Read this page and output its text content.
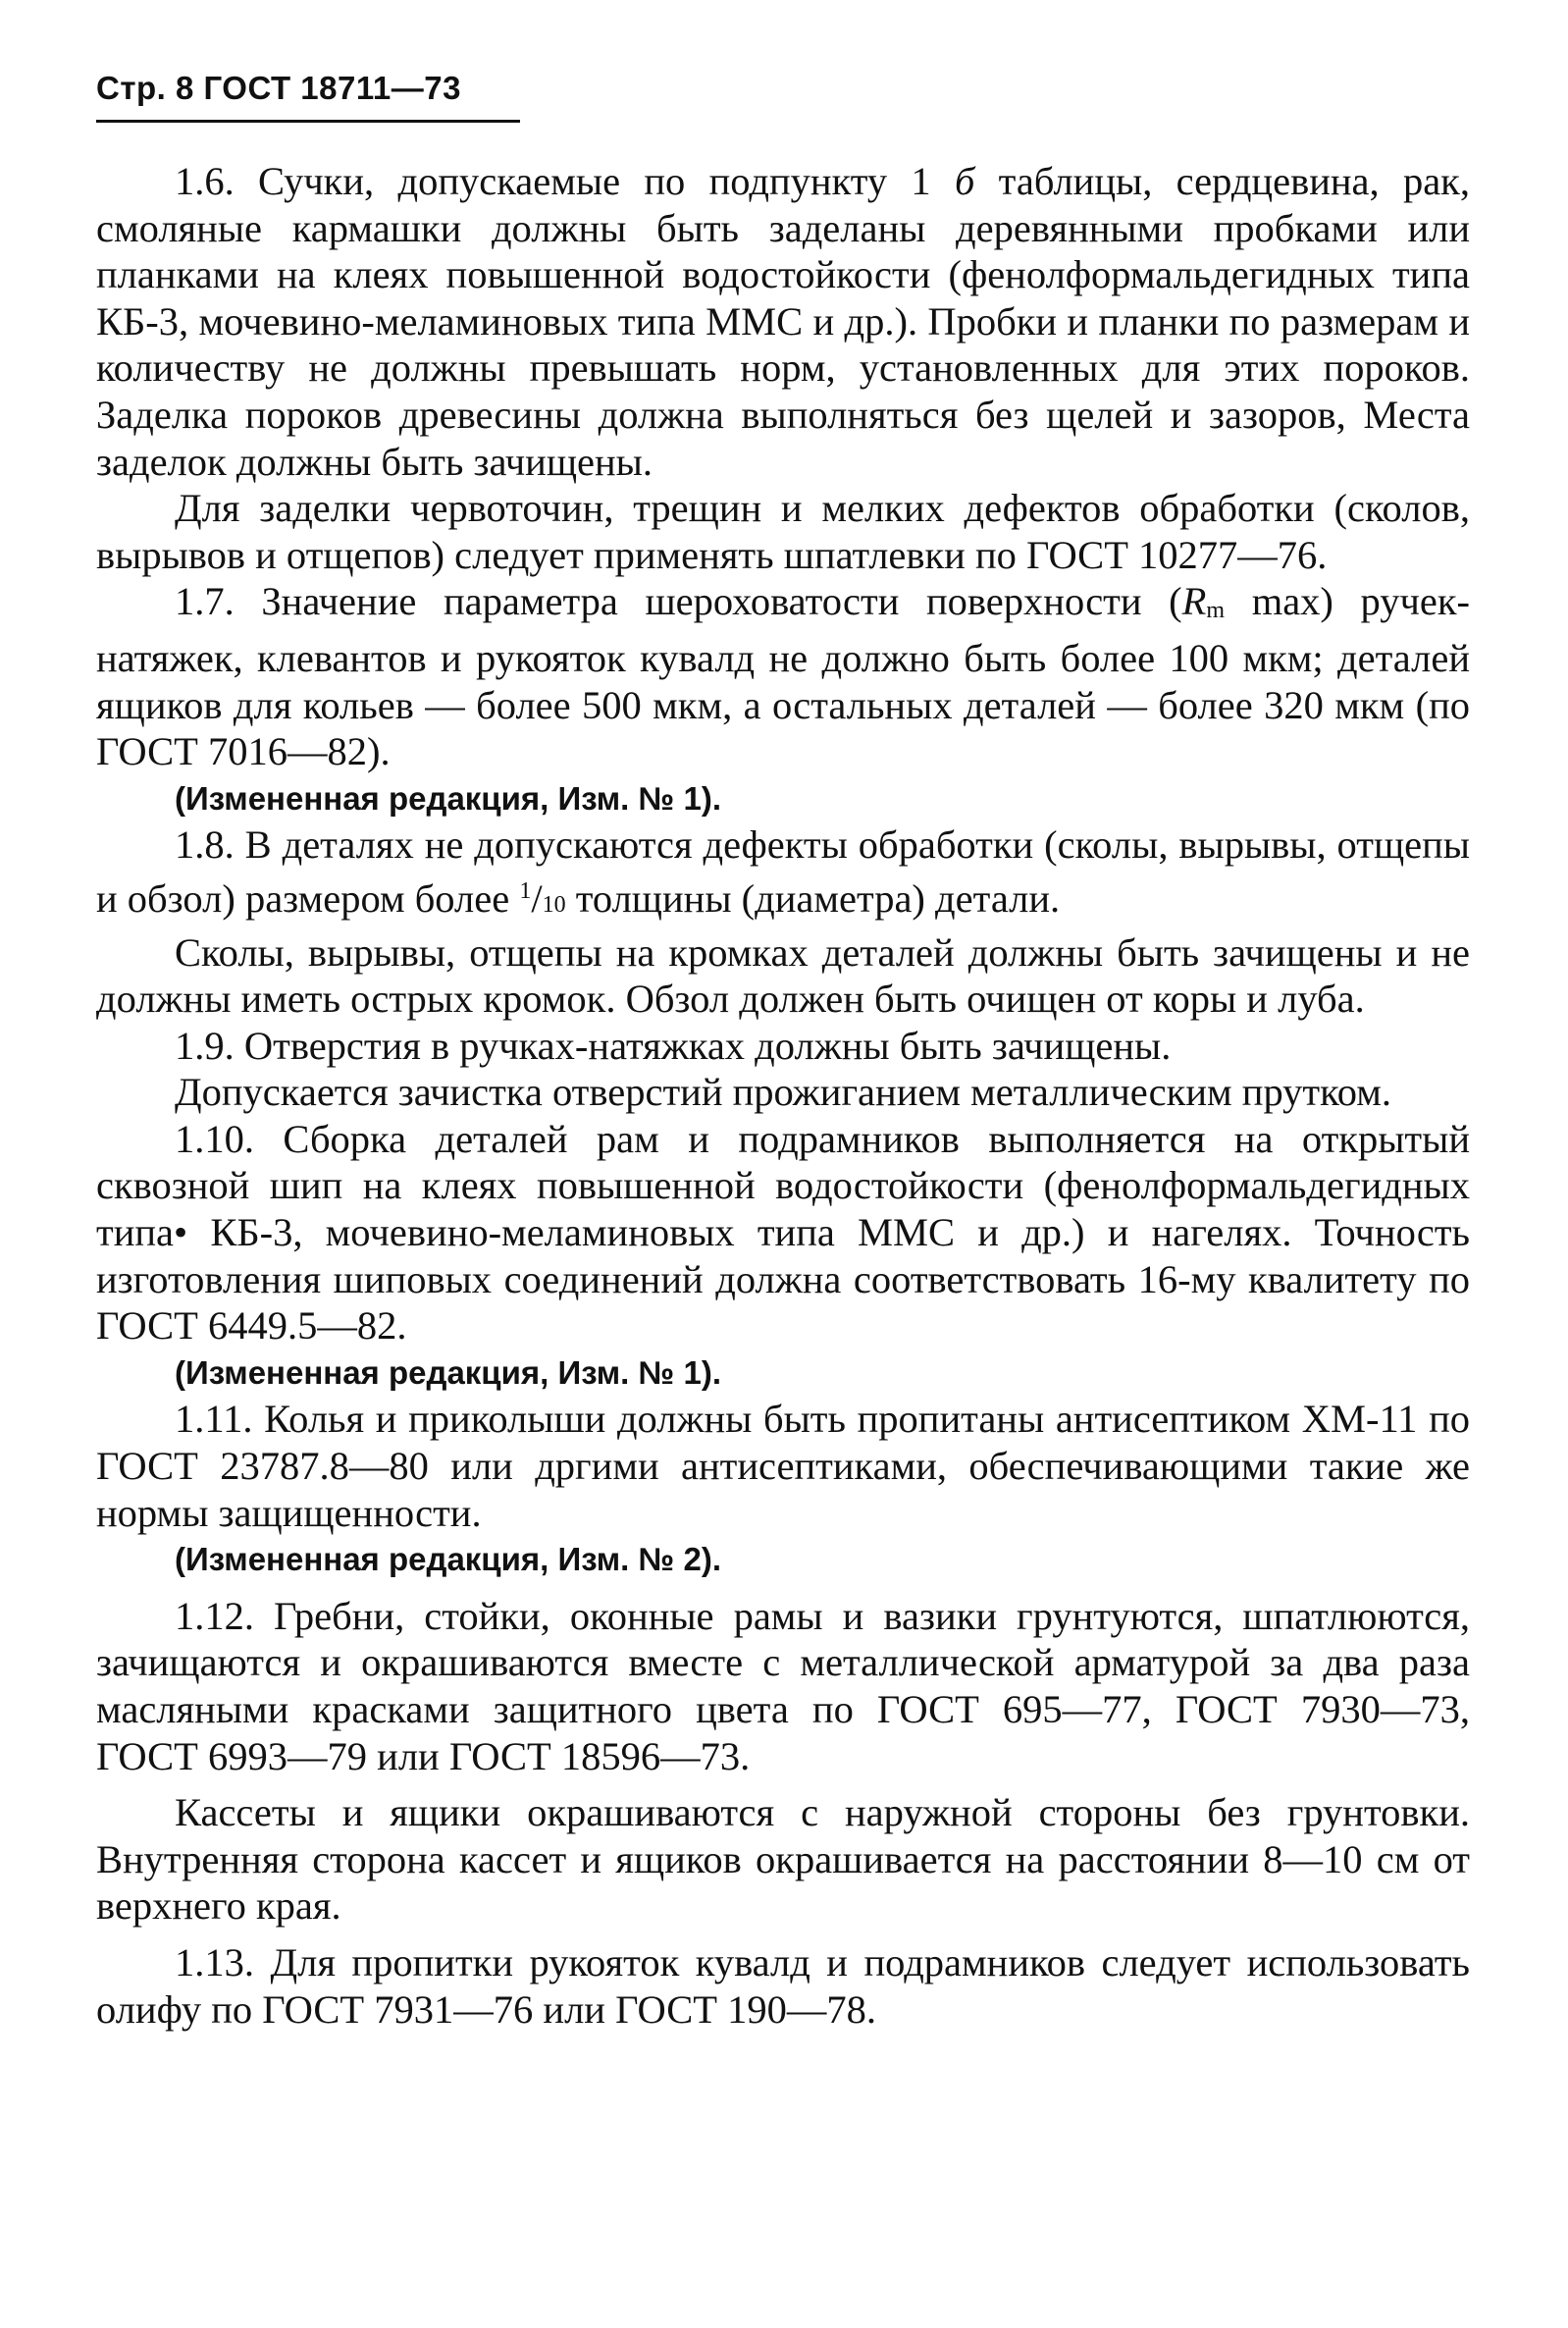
Стр. 8 ГОСТ 18711—73

1.6. Сучки, допускаемые по подпункту 1 б таблицы, сердцевина, рак, смоляные кармашки должны быть заделаны деревянными пробками или планками на клеях повышенной водостойкости (фенолформальдегидных типа КБ-3, мочевино-меламиновых типа ММС и др.). Пробки и планки по размерам и количеству не должны превышать норм, установленных для этих пороков. Заделка пороков древесины должна выполняться без щелей и зазоров, Места заделок должны быть зачищены.

Для заделки червоточин, трещин и мелких дефектов обработки (сколов, вырывов и отщепов) следует применять шпатлевки по ГОСТ 10277—76.

1.7. Значение параметра шероховатости поверхности (Rm max) ручек-натяжек, клевантов и рукояток кувалд не должно быть более 100 мкм; деталей ящиков для кольев — более 500 мкм, а остальных деталей — более 320 мкм (по ГОСТ 7016—82).

(Измененная редакция, Изм. № 1).

1.8. В деталях не допускаются дефекты обработки (сколы, вырывы, отщепы и обзол) размером более $^1$/10 толщины (диаметра) детали.

Сколы, вырывы, отщепы на кромках деталей должны быть зачищены и не должны иметь острых кромок. Обзол должен быть очищен от коры и луба.

1.9. Отверстия в ручках-натяжках должны быть зачищены.

Допускается зачистка отверстий прожиганием металлическим прутком.

1.10. Сборка деталей рам и подрамников выполняется на открытый сквозной шип на клеях повышенной водостойкости (фенолформальдегидных типа• КБ-3, мочевино-меламиновых типа ММС и др.) и нагелях. Точность изготовления шиповых соединений должна соответствовать 16-му квалитету по ГОСТ 6449.5—82.

(Измененная редакция, Изм. № 1).

1.11. Колья и приколыши должны быть пропитаны антисептиком ХМ-11 по ГОСТ 23787.8—80 или дргими антисептиками, обеспечивающими такие же нормы защищенности.

(Измененная редакция, Изм. № 2).

1.12. Гребни, стойки, оконные рамы и вазики грунтуются, шпатлюются, зачищаются и окрашиваются вместе с металлической арматурой за два раза масляными красками защитного цвета по ГОСТ 695—77, ГОСТ 7930—73, ГОСТ 6993—79 или ГОСТ 18596—73.

Кассеты и ящики окрашиваются с наружной стороны без грунтовки. Внутренняя сторона кассет и ящиков окрашивается на расстоянии 8—10 см от верхнего края.

1.13. Для пропитки рукояток кувалд и подрамников следует использовать олифу по ГОСТ 7931—76 или ГОСТ 190—78.
